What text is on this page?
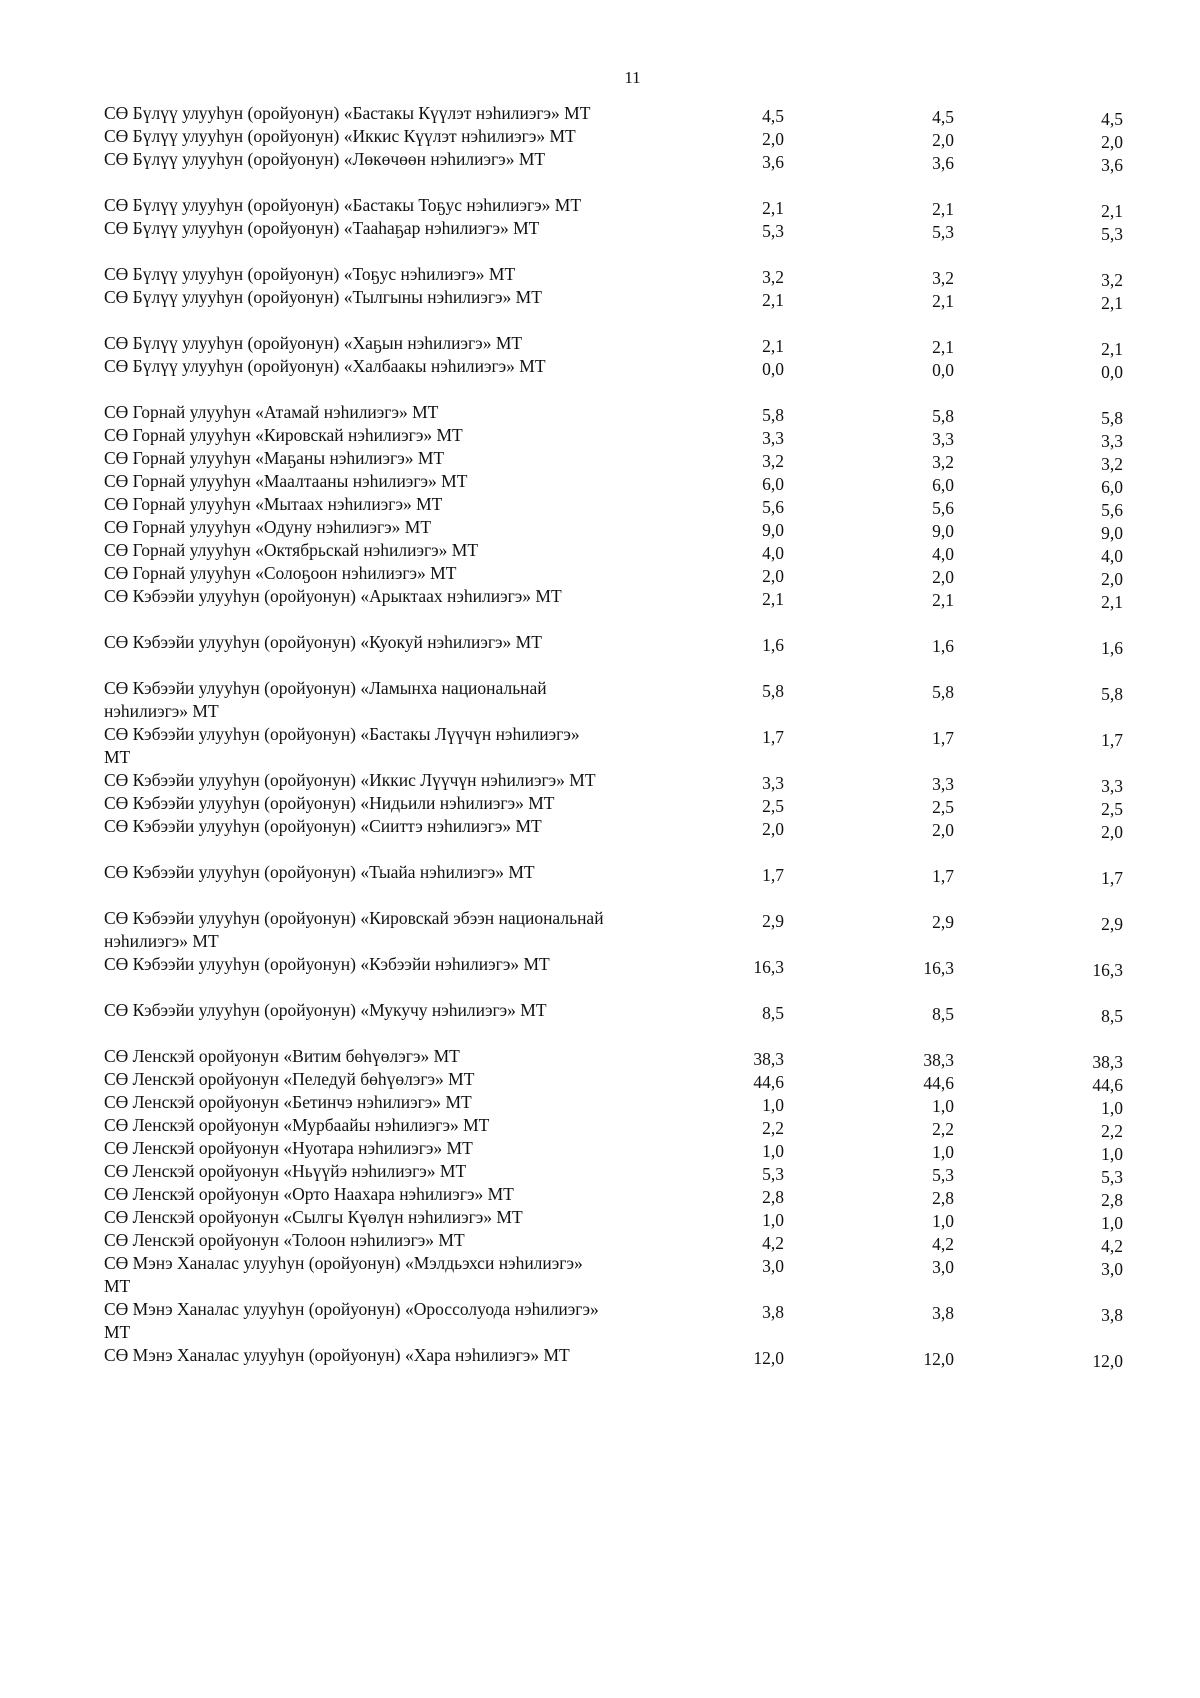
11
СӨ Бүлүү улууһун (оройуонун) «Бастакы Күүлэт нэһилиэгэ» МТ	4,5	4,5	4,5
СӨ Бүлүү улууһун (оройуонун) «Иккис Күүлэт нэһилиэгэ» МТ	2,0	2,0	2,0
СӨ Бүлүү улууһун (оройуонун) «Лөкөчөөн нэһилиэгэ» МТ	3,6	3,6	3,6
СӨ Бүлүү улууһун (оройуонун) «Бастакы Тоҕус нэһилиэгэ» МТ	2,1	2,1	2,1
СӨ Бүлүү улууһун (оройуонун) «Тааһаҕар нэһилиэгэ» МТ	5,3	5,3	5,3
СӨ Бүлүү улууһун (оройуонун) «Тоҕус нэһилиэгэ» МТ	3,2	3,2	3,2
СӨ Бүлүү улууһун (оройуонун) «Тылгыны нэһилиэгэ» МТ	2,1	2,1	2,1
СӨ Бүлүү улууһун (оройуонун) «Хаҕын нэһилиэгэ» МТ	2,1	2,1	2,1
СӨ Бүлүү улууһун (оройуонун) «Халбаакы нэһилиэгэ» МТ	0,0	0,0	0,0
СӨ Горнай улууһун «Атамай нэһилиэгэ» МТ	5,8	5,8	5,8
СӨ Горнай улууһун «Кировскай нэһилиэгэ» МТ	3,3	3,3	3,3
СӨ Горнай улууһун «Маҕаны нэһилиэгэ» МТ	3,2	3,2	3,2
СӨ Горнай улууһун «Маалтааны нэһилиэгэ» МТ	6,0	6,0	6,0
СӨ Горнай улууһун «Мытаах нэһилиэгэ» МТ	5,6	5,6	5,6
СӨ Горнай улууһун «Одуну нэһилиэгэ» МТ	9,0	9,0	9,0
СӨ Горнай улууһун «Октябрьскай нэһилиэгэ» МТ	4,0	4,0	4,0
СӨ Горнай улууһун «Солоҕоон нэһилиэгэ» МТ	2,0	2,0	2,0
СӨ Кэбээйи улууһун (оройуонун) «Арыктаах нэһилиэгэ» МТ	2,1	2,1	2,1
СӨ Кэбээйи улууһун (оройуонун) «Куокуй нэһилиэгэ» МТ	1,6	1,6	1,6
СӨ Кэбээйи улууһун (оройуонун) «Ламынха национальнай нэһилиэгэ» МТ
5,8	5,8	5,8
СӨ Кэбээйи улууһун (оройуонун) «Бастакы Лүүчүн нэһилиэгэ» МТ
1,7	1,7	1,7
СӨ Кэбээйи улууһун (оройуонун) «Иккис Лүүчүн нэһилиэгэ» МТ	3,3	3,3	3,3
СӨ Кэбээйи улууһун (оройуонун) «Нидьили нэһилиэгэ» МТ	2,5	2,5	2,5
СӨ Кэбээйи улууһун (оройуонун) «Сииттэ нэһилиэгэ» МТ	2,0	2,0	2,0
СӨ Кэбээйи улууһун (оройуонун) «Тыайа нэһилиэгэ» МТ	1,7	1,7	1,7
СӨ Кэбээйи улууһун (оройуонун) «Кировскай эбээн национальнай нэһилиэгэ» МТ
2,9	2,9	2,9
СӨ Кэбээйи улууһун (оройуонун) «Кэбээйи нэһилиэгэ» МТ	16,3	16,3	16,3
СӨ Кэбээйи улууһун (оройуонун) «Мукучу нэһилиэгэ» МТ	8,5	8,5	8,5
СӨ Ленскэй оройуонун «Витим бөһүөлэгэ» МТ	38,3	38,3	38,3
СӨ Ленскэй оройуонун «Пеледуй бөһүөлэгэ» МТ	44,6	44,6	44,6
СӨ Ленскэй оройуонун «Бетинчэ нэһилиэгэ» МТ	1,0	1,0	1,0
СӨ Ленскэй оройуонун «Мурбаайы нэһилиэгэ» МТ	2,2	2,2	2,2
СӨ Ленскэй оройуонун «Нуотара нэһилиэгэ» МТ	1,0	1,0	1,0
СӨ Ленскэй оройуонун «Ньүүйэ нэһилиэгэ» МТ	5,3	5,3	5,3
СӨ Ленскэй оройуонун «Орто Наахара нэһилиэгэ» МТ	2,8	2,8	2,8
СӨ Ленскэй оройуонун «Сылгы Күөлүн нэһилиэгэ» МТ	1,0	1,0	1,0
СӨ Ленскэй оройуонун «Толоон нэһилиэгэ» МТ	4,2	4,2	4,2
СӨ Мэнэ Ханалас улууһун (оройуонун) «Мэлдьэхси нэһилиэгэ» МТ
3,0	3,0	3,0
СӨ Мэнэ Ханалас улууһун (оройуонун) «Оросcолуода нэһилиэгэ» МТ
3,8	3,8	3,8
СӨ Мэнэ Ханалас улууһун (оройуонун) «Хара нэһилиэгэ» МТ	12,0	12,0	12,0
